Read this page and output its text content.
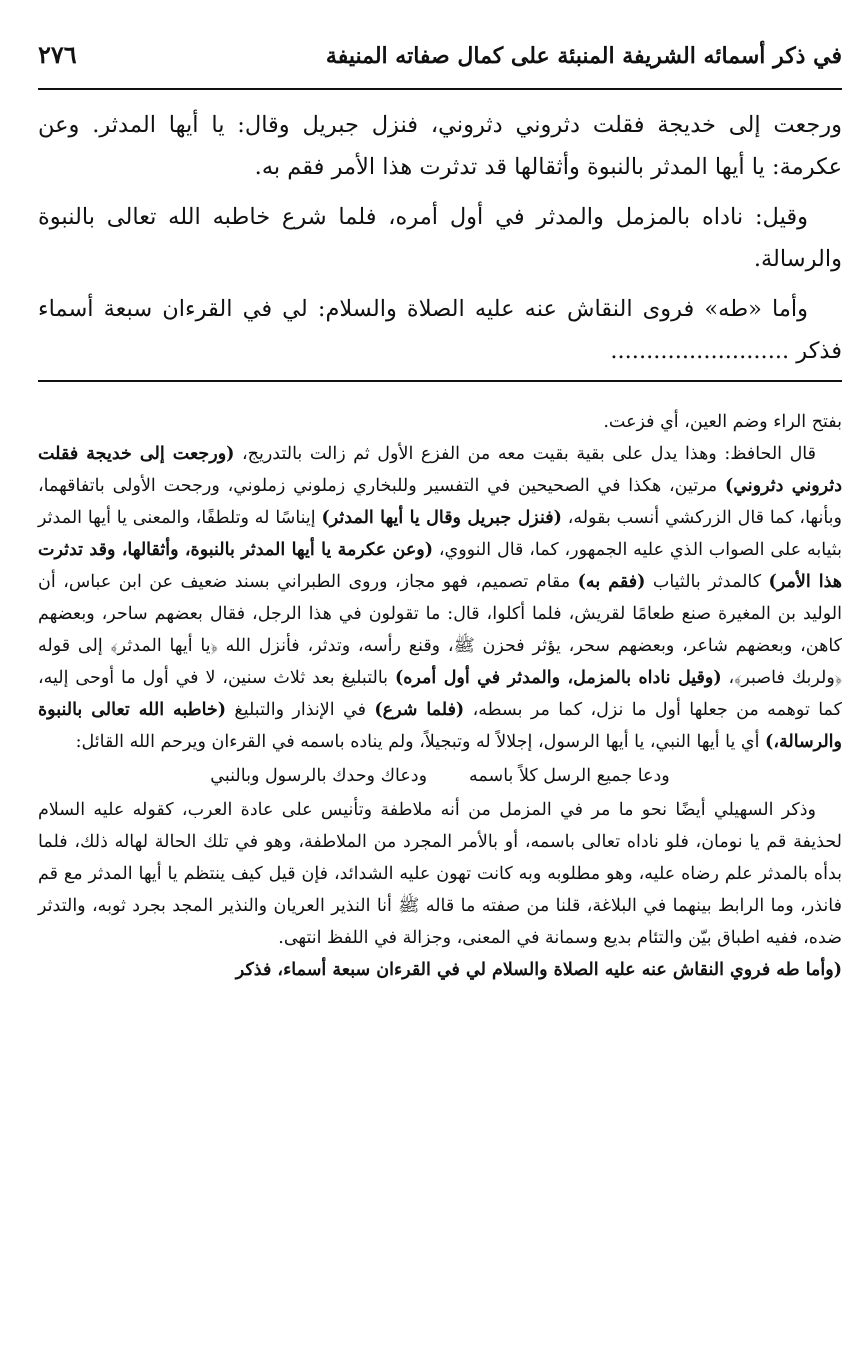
في ذكر أسمائه الشريفة المنبئة على كمال صفاته المنيفة
٢٧٦

ورجعت إلى خديجة فقلت دثروني دثروني، فنزل جبريل وقال: يا أيها المدثر. وعن عكرمة: يا أيها المدثر بالنبوة وأثقالها قد تدثرت هذا الأمر فقم به.

وقيل: ناداه بالمزمل والمدثر في أول أمره، فلما شرع خاطبه الله تعالى بالنبوة والرسالة.

وأما «طه» فروى النقاش عنه عليه الصلاة والسلام: لي في القرءان سبعة أسماء فذكر .........................

بفتح الراء وضم العين، أي فزعت.

قال الحافظ: وهذا يدل على بقية بقيت معه من الفزع الأول ثم زالت بالتدريج، (ورجعت إلى خديجة فقلت دثروني دثروني) مرتين، هكذا في الصحيحين في التفسير وللبخاري زملوني زملوني، ورجحت الأولى باتفاقهما، وبأنها، كما قال الزركشي أنسب بقوله، (فنزل جبريل وقال يا أيها المدثر) إيناسًا له وتلطفًا، والمعنى يا أيها المدثر بثيابه على الصواب الذي عليه الجمهور، كما، قال النووي، (وعن عكرمة يا أيها المدثر بالنبوة، وأثقالها، وقد تدثرت هذا الأمر) كالمدثر بالثياب (فقم به) مقام تصميم، فهو مجاز، وروى الطبراني بسند ضعيف عن ابن عباس، أن الوليد بن المغيرة صنع طعامًا لقريش، فلما أكلوا، قال: ما تقولون في هذا الرجل، فقال بعضهم ساحر، وبعضهم كاهن، وبعضهم شاعر، وبعضهم سحر، يؤثر فحزن ﷺ، وقنع رأسه، وتدثر، فأنزل الله ﴿يا أيها المدثر﴾ إلى قوله ﴿ولربك فاصبر﴾، (وقيل ناداه بالمزمل، والمدثر في أول أمره) بالتبليغ بعد ثلاث سنين، لا في أول ما أوحى إليه، كما توهمه من جعلها أول ما نزل، كما مر بسطه، (فلما شرع) في الإنذار والتبليغ (خاطبه الله تعالى بالنبوة والرسالة،) أي يا أيها النبي، يا أيها الرسول، إجلالاً له وتبجيلاً، ولم يناده باسمه في القرءان ويرحم الله القائل:

ودعا جميع الرسل كلاً باسمه
ودعاك وحدك بالرسول وبالنبي

وذكر السهيلي أيضًا نحو ما مر في المزمل من أنه ملاطفة وتأنيس على عادة العرب، كقوله عليه السلام لحذيفة قم يا نومان، فلو ناداه تعالى باسمه، أو بالأمر المجرد من الملاطفة، وهو في تلك الحالة لهاله ذلك، فلما بدأه بالمدثر علم رضاه عليه، وهو مطلوبه وبه كانت تهون عليه الشدائد، فإن قيل كيف ينتظم يا أيها المدثر مع قم فانذر، وما الرابط بينهما في البلاغة، قلنا من صفته ما قاله ﷺ أنا النذير العريان والنذير المجد بجرد ثوبه، والتدثر ضده، ففيه اطباق بيّن والتئام بديع وسمانة في المعنى، وجزالة في اللفظ انتهى.

(وأما طه فروي النقاش عنه عليه الصلاة والسلام لي في القرءان سبعة أسماء، فذكر
